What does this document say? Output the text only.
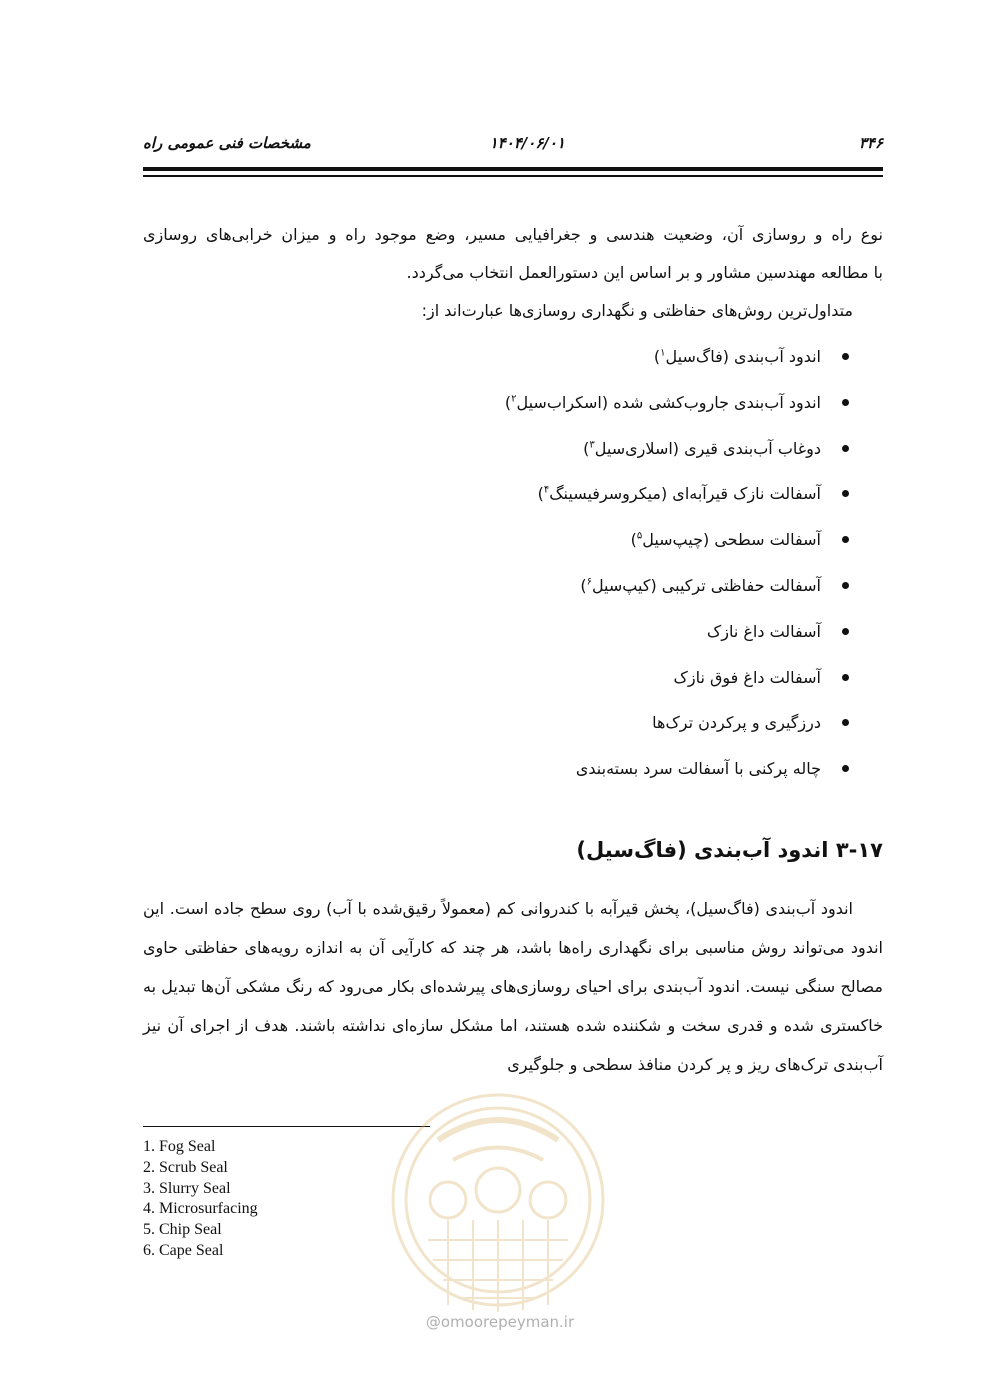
۳۴۶
۱۴۰۴/۰۶/۰۱
مشخصات فنی عمومی راه

نوع راه و روسازی آن، وضعیت هندسی و جغرافیایی مسیر، وضع موجود راه و میزان خرابی‌های روسازی

با مطالعه مهندسین مشاور و بر اساس این دستورالعمل انتخاب می‌گردد.

متداول‌ترین روش‌های حفاظتی و نگهداری روسازی‌ها عبارت‌اند از:

اندود آب‌بندی (فاگ‌سیل$^۱$)
اندود آب‌بندی جاروب‌کشی شده (اسکراب‌سیل$^۲$)
دوغاب آب‌بندی قیری (اسلاری‌سیل$^۳$)
آسفالت نازک قیرآبه‌ای (میکروسرفیسینگ$^۴$)
آسفالت سطحی (چیپ‌سیل$^۵$)
آسفالت حفاظتی ترکیبی (کیپ‌سیل$^۶$)
آسفالت داغ نازک
آسفالت داغ فوق نازک
درزگیری و پرکردن ترک‌ها
چاله پرکنی با آسفالت سرد بسته‌بندی
۳-۱۷ اندود آب‌بندی (فاگ‌سیل)

اندود آب‌بندی (فاگ‌سیل)، پخش قیرآبه با کندروانی کم (معمولاً رقیق‌شده با آب) روی سطح جاده است. این اندود می‌تواند روش مناسبی برای نگهداری راه‌ها باشد، هر چند که کارآیی آن به اندازه رویه‌های حفاظتی حاوی مصالح سنگی نیست. اندود آب‌بندی برای احیای روسازی‌های پیرشده‌ای بکار می‌رود که رنگ مشکی آن‌ها تبدیل به خاکستری شده و قدری سخت و شکننده شده هستند، اما مشکل سازه‌ای نداشته باشند. هدف از اجرای آن نیز آب‌بندی ترک‌های ریز و پر کردن منافذ سطحی و جلوگیری

1. Fog Seal
2. Scrub Seal
3. Slurry Seal
4. Microsurfacing
5. Chip Seal
6. Cape Seal
@omoorepeyman.ir
